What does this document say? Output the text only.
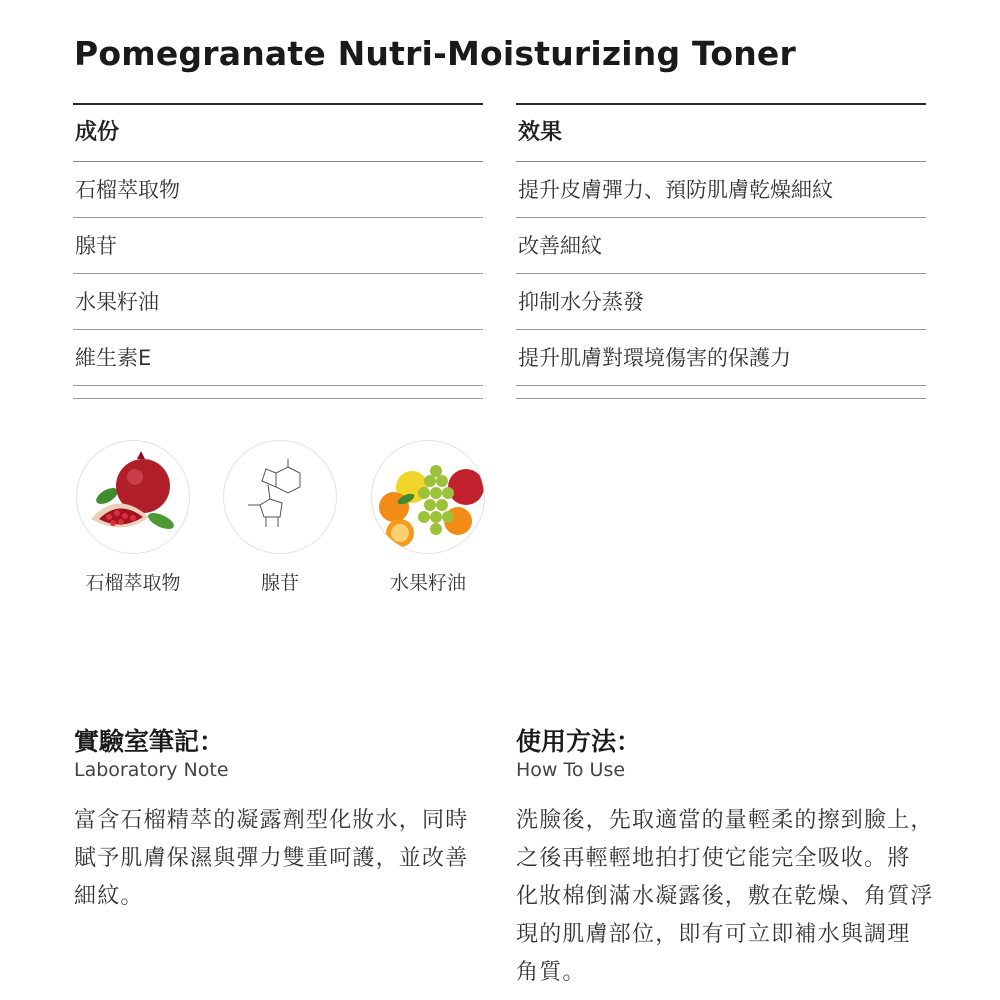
Pomegranate Nutri-Moisturizing Toner
成份
石榴萃取物
腺苷
水果籽油
維生素E
效果
提升皮膚彈力、預防肌膚乾燥細紋
改善細紋
抑制水分蒸發
提升肌膚對環境傷害的保護力
石榴萃取物	腺苷	水果籽油
實驗室筆記：
Laboratory Note
富含石榴精萃的凝露劑型化妝水，同時
賦予肌膚保濕與彈力雙重呵護，並改善
細紋。
使用方法：
How To Use
洗臉後，先取適當的量輕柔的擦到臉上，
之後再輕輕地拍打使它能完全吸收。將
化妝棉倒滿水凝露後，敷在乾燥、角質浮
現的肌膚部位，即有可立即補水與調理
角質。
